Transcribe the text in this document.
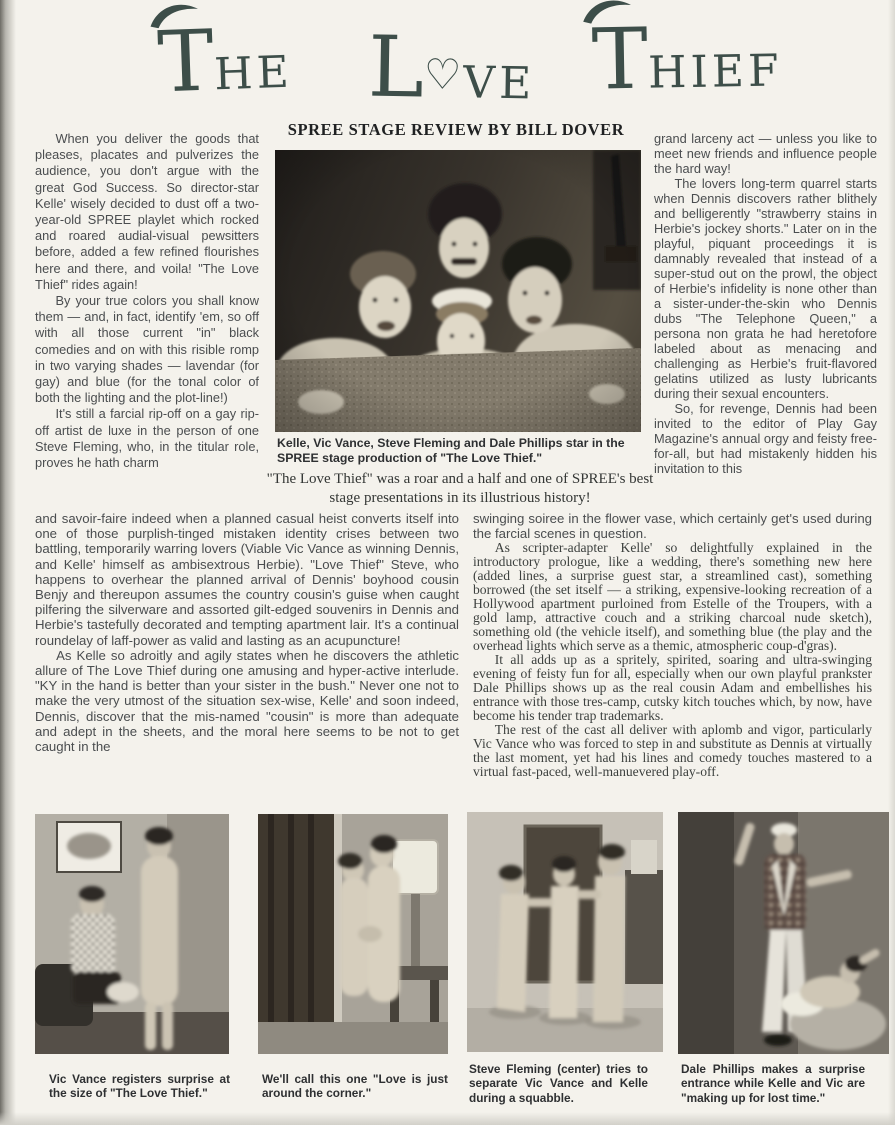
THE L♡VE THIEF
SPREE STAGE REVIEW BY BILL DOVER

When you deliver the goods that pleases, placates and pulverizes the audience, you don't argue with the great God Success. So director-star Kelle' wisely decided to dust off a two-year-old SPREE playlet which rocked and roared audial-visual pewsitters before, added a few refined flourishes here and there, and voila! "The Love Thief" rides again!

By your true colors you shall know them — and, in fact, identify 'em, so off with all those current "in" black comedies and on with this risible romp in two varying shades — lavendar (for gay) and blue (for the tonal color of both the lighting and the plot-line!)

It's still a farcial rip-off on a gay rip-off artist de luxe in the person of one Steve Fleming, who, in the titular role, proves he hath charm

grand larceny act — unless you like to meet new friends and influence people the hard way!

The lovers long-term quarrel starts when Dennis discovers rather blithely and belligerently "strawberry stains in Herbie's jockey shorts." Later on in the playful, piquant proceedings it is damnably revealed that instead of a super-stud out on the prowl, the object of Herbie's infidelity is none other than a sister-under-the-skin who Dennis dubs "The Telephone Queen," a persona non grata he had heretofore labeled about as menacing and challenging as Herbie's fruit-flavored gelatins utilized as lusty lubricants during their sexual encounters.

So, for revenge, Dennis had been invited to the editor of Play Gay Magazine's annual orgy and feisty free-for-all, but had mistakenly hidden his invitation to this

Kelle, Vic Vance, Steve Fleming and Dale Phillips star in the SPREE stage production of "The Love Thief."
"The Love Thief" was a roar and a half and one of SPREE's best stage presentations in its illustrious history!

and savoir-faire indeed when a planned casual heist converts itself into one of those purplish-tinged mistaken identity crises between two battling, temporarily warring lovers (Viable Vic Vance as winning Dennis, and Kelle' himself as ambisextrous Herbie). "Love Thief" Steve, who happens to overhear the planned arrival of Dennis' boyhood cousin Benjy and thereupon assumes the country cousin's guise when caught pilfering the silverware and assorted gilt-edged souvenirs in Dennis and Herbie's tastefully decorated and tempting apartment lair. It's a continual roundelay of laff-power as valid and lasting as an acupuncture!

As Kelle so adroitly and agily states when he discovers the athletic allure of The Love Thief during one amusing and hyper-active interlude. "KY in the hand is better than your sister in the bush." Never one not to make the very utmost of the situation sex-wise, Kelle' and soon indeed, Dennis, discover that the mis-named "cousin" is more than adequate and adept in the sheets, and the moral here seems to be not to get caught in the

swinging soiree in the flower vase, which certainly get's used during the farcial scenes in question.

As scripter-adapter Kelle' so delightfully explained in the introductory prologue, like a wedding, there's something new here (added lines, a surprise guest star, a streamlined cast), something borrowed (the set itself — a striking, expensive-looking recreation of a Hollywood apartment purloined from Estelle of the Troupers, with a gold lamp, attractive couch and a striking charcoal nude sketch), something old (the vehicle itself), and something blue (the play and the overhead lights which serve as a themic, atmospheric coup-d'gras).

It all adds up as a spritely, spirited, soaring and ultra-swinging evening of feisty fun for all, especially when our own playful prankster Dale Phillips shows up as the real cousin Adam and embellishes his entrance with those tres-camp, cutsky kitch touches which, by now, have become his tender trap trademarks.

The rest of the cast all deliver with aplomb and vigor, particularly Vic Vance who was forced to step in and substitute as Dennis at virtually the last moment, yet had his lines and comedy touches mastered to a virtual fast-paced, well-manuevered play-off.

Vic Vance registers surprise at the size of "The Love Thief."
We'll call this one "Love is just around the corner."
Steve Fleming (center) tries to separate Vic Vance and Kelle during a squabble.
Dale Phillips makes a surprise entrance while Kelle and Vic are "making up for lost time."
